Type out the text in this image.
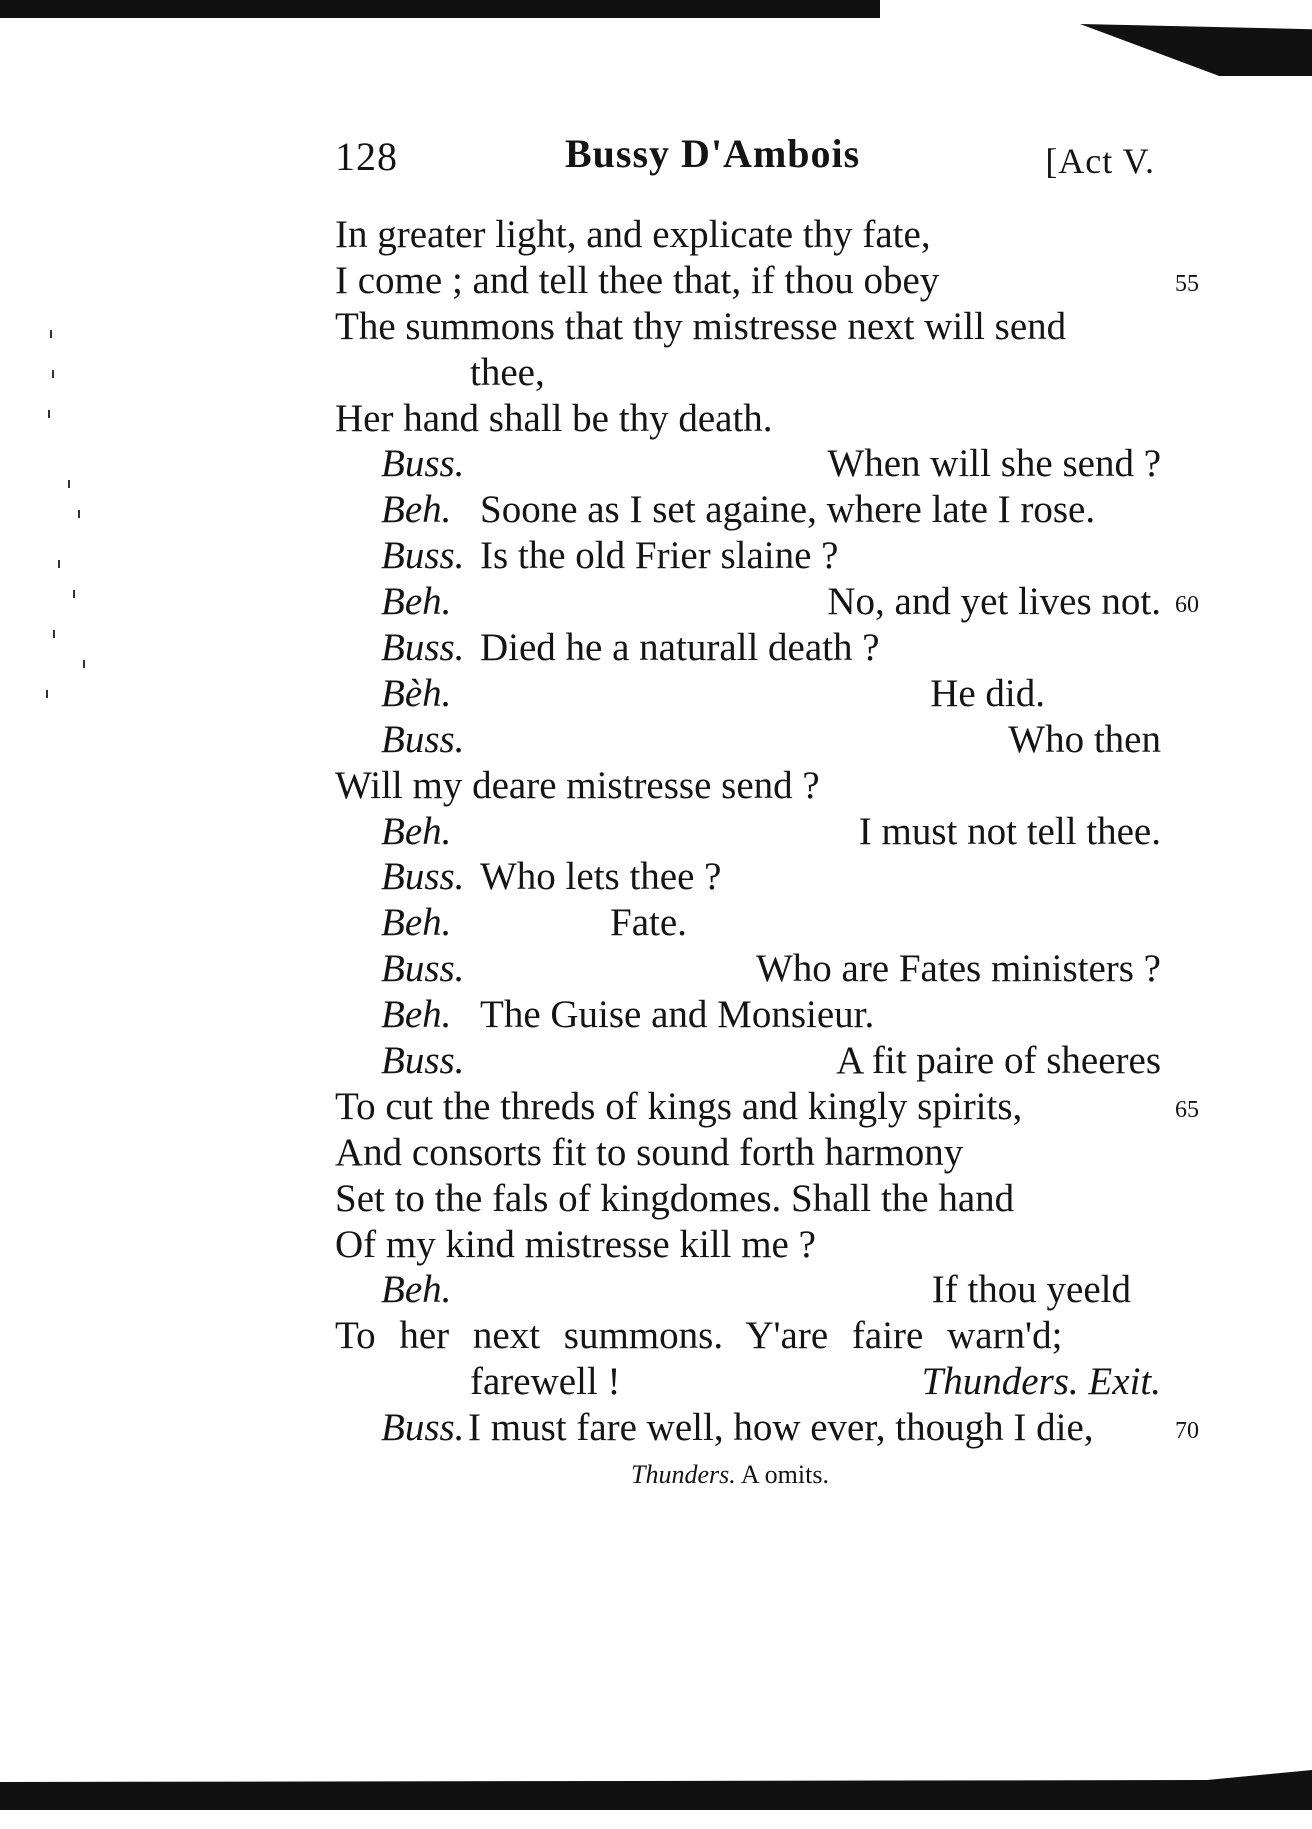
128	Bussy D'Ambois	[Act V.
In greater light, and explicate thy fate,
I come ; and tell thee that, if thou obey	55
The summons that thy mistresse next will send
thee,
Her hand shall be thy death.
Buss.	When will she send ?
Beh. Soone as I set againe, where late I rose.
Buss. Is the old Frier slaine ?
Beh.	No, and yet lives not. 60
Buss. Died he a naturall death ?
Bèh.	He did.
Buss.	Who then
Will my deare mistresse send ?
Beh.	I must not tell thee.
Buss. Who lets thee ?
Beh.	Fate.
Buss.	Who are Fates ministers ?
Beh. The Guise and Monsieur.
Buss.	A fit paire of sheeres
To cut the threds of kings and kingly spirits,	65
And consorts fit to sound forth harmony
Set to the fals of kingdomes. Shall the hand
Of my kind mistresse kill me ?
Beh.	If thou yeeld
To her next summons. Y'are faire warn'd;
farewell !	Thunders. Exit.
Buss. I must fare well, how ever, though I die,	70
Thunders. A omits.
